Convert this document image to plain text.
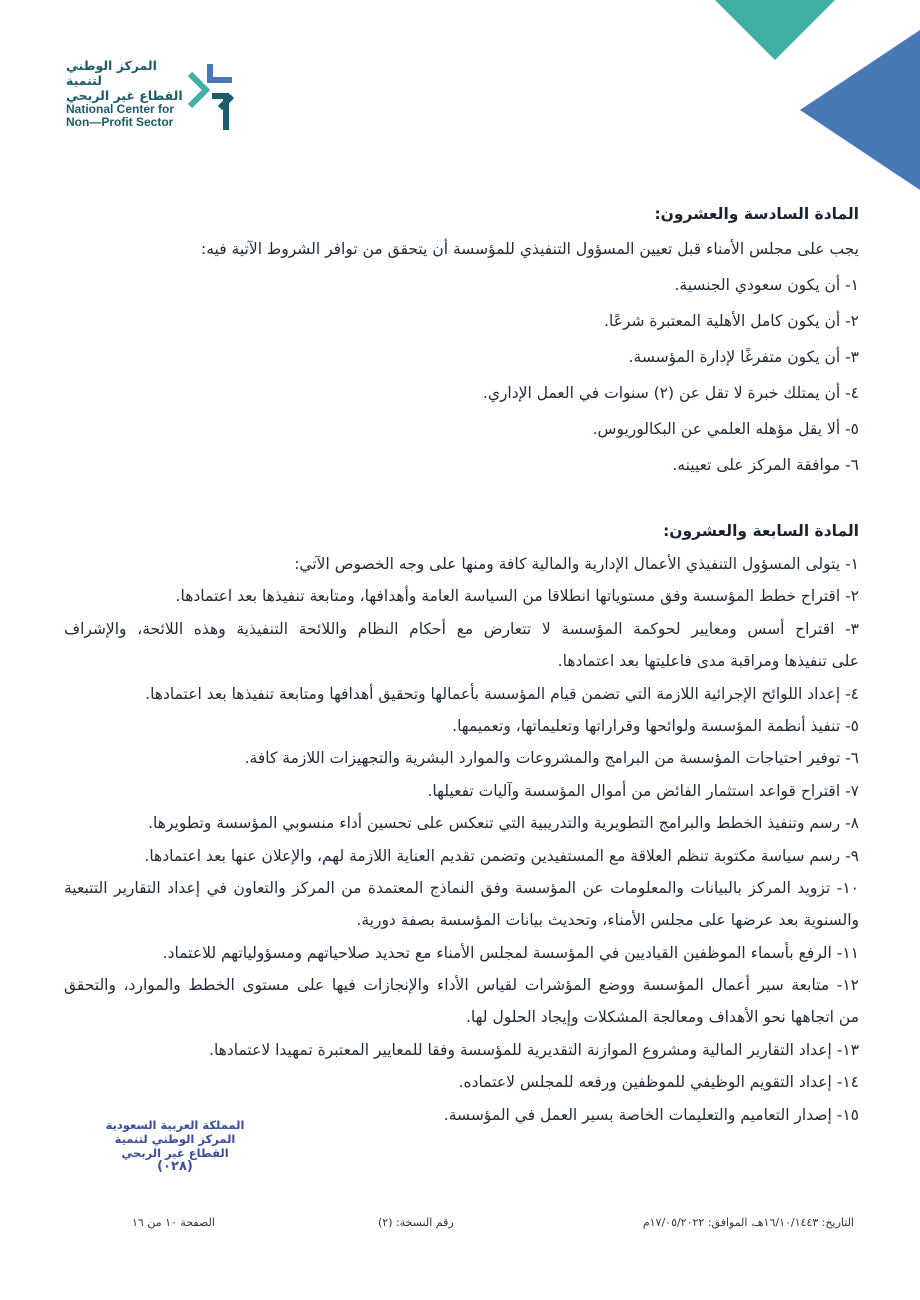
المركز الوطني لتنمية
القطاع غير الربحي
National Center for
Non—Profit Sector
المادة السادسة والعشرون:
يجب على مجلس الأمناء قبل تعيين المسؤول التنفيذي للمؤسسة أن يتحقق من توافر الشروط الآتية فيه:
١- أن يكون سعودي الجنسية.
٢- أن يكون كامل الأهلية المعتبرة شرعًا.
٣- أن يكون متفرغًا لإدارة المؤسسة.
٤- أن يمتلك خبرة لا تقل عن (٢) سنوات في العمل الإداري.
٥- ألا يقل مؤهله العلمي عن البكالوريوس.
٦- موافقة المركز على تعيينه.
المادة السابعة والعشرون:
١- يتولى المسؤول التنفيذي الأعمال الإدارية والمالية كافة ومنها على وجه الخصوص الآتي:
٢- اقتراح خطط المؤسسة وفق مستوياتها انطلاقا من السياسة العامة وأهدافها، ومتابعة تنفيذها بعد اعتمادها.
٣- اقتراح أسس ومعايير لحوكمة المؤسسة لا تتعارض مع أحكام النظام واللائحة التنفيذية وهذه اللائحة، والإشراف
على تنفيذها ومراقبة مدى فاعليتها بعد اعتمادها.
٤- إعداد اللوائح الإجرائية اللازمة التي تضمن قيام المؤسسة بأعمالها وتحقيق أهدافها ومتابعة تنفيذها بعد اعتمادها.
٥- تنفيذ أنظمة المؤسسة ولوائحها وقراراتها وتعليماتها، وتعميمها.
٦- توفير احتياجات المؤسسة من البرامج والمشروعات والموارد البشرية والتجهيزات اللازمة كافة.
٧- اقتراح قواعد استثمار الفائض من أموال المؤسسة وآليات تفعيلها.
٨- رسم وتنفيذ الخطط والبرامج التطويرية والتدريبية التي تنعكس على تحسين أداء منسوبي المؤسسة وتطويرها.
٩- رسم سياسة مكتوبة تنظم العلاقة مع المستفيدين وتضمن تقديم العناية اللازمة لهم، والإعلان عنها بعد اعتمادها.
١٠- تزويد المركز بالبيانات والمعلومات عن المؤسسة وفق النماذج المعتمدة من المركز والتعاون في إعداد التقارير التتبعية
والسنوية بعد عرضها على مجلس الأمناء، وتحديث بيانات المؤسسة بصفة دورية.
١١- الرفع بأسماء الموظفين القياديين في المؤسسة لمجلس الأمناء مع تحديد صلاحياتهم ومسؤولياتهم للاعتماد.
١٢- متابعة سير أعمال المؤسسة ووضع المؤشرات لقياس الأداء والإنجازات فيها على مستوى الخطط والموارد، والتحقق
من اتجاهها نحو الأهداف ومعالجة المشكلات وإيجاد الحلول لها.
١٣- إعداد التقارير المالية ومشروع الموازنة التقديرية للمؤسسة وفقا للمعايير المعتبرة تمهيدا لاعتمادها.
١٤- إعداد التقويم الوظيفي للموظفين ورفعه للمجلس لاعتماده.
١٥- إصدار التعاميم والتعليمات الخاصة بسير العمل في المؤسسة.
المملكة العربية السعودية
المركز الوطني لتنمية
القطاع غير الربحي
(٠٢٨)
التاريخ: ١٦/١٠/١٤٤٣هـ، الموافق: ١٧/٠٥/٢٠٢٢م
رقم النسخة: (٢)
الصفحة ١٠ من ١٦
